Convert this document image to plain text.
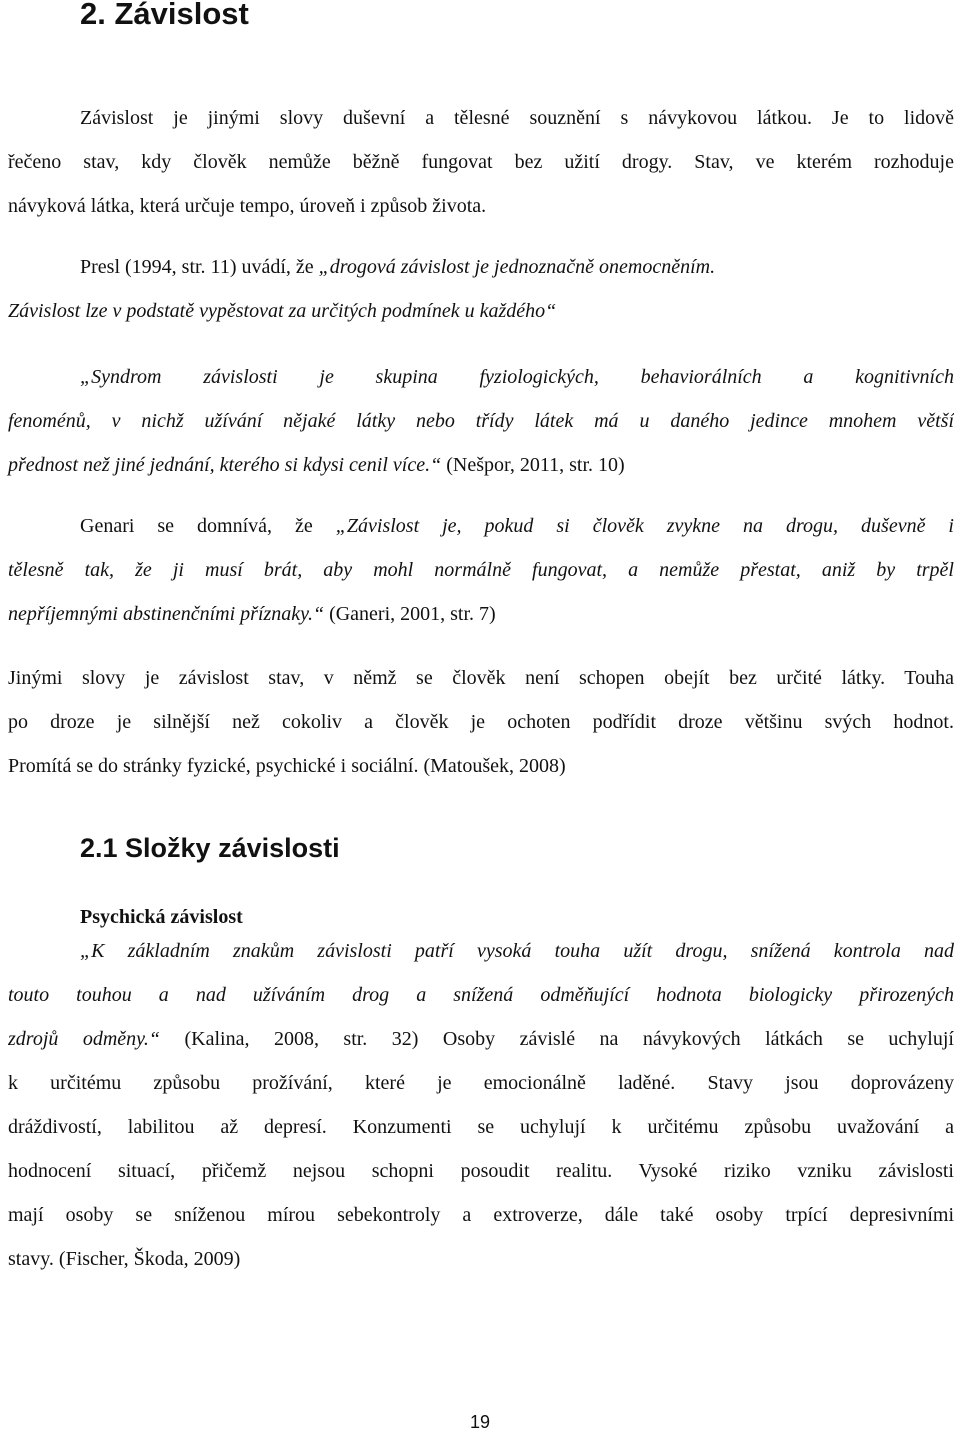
2. Závislost
Závislost je jinými slovy duševní a tělesné souznění s návykovou látkou. Je to lidově
řečeno stav, kdy člověk nemůže běžně fungovat bez užití drogy. Stav, ve kterém rozhoduje
návyková látka, která určuje tempo, úroveň i způsob života.
Presl (1994, str. 11) uvádí, že „drogová závislost je jednoznačně onemocněním.
Závislost lze v podstatě vypěstovat za určitých podmínek u každého“
„Syndrom závislosti je skupina fyziologických, behaviorálních a kognitivních
fenoménů, v nichž užívání nějaké látky nebo třídy látek má u daného jedince mnohem větší
přednost než jiné jednání, kterého si kdysi cenil více.“ (Nešpor, 2011, str. 10)
Genari se domnívá, že „Závislost je, pokud si člověk zvykne na drogu, duševně i
tělesně tak, že ji musí brát, aby mohl normálně fungovat, a nemůže přestat, aniž by trpěl
nepříjemnými abstinenčními příznaky.“ (Ganeri, 2001, str. 7)
Jinými slovy je závislost stav, v němž se člověk není schopen obejít bez určité látky. Touha
po droze je silnější než cokoliv a člověk je ochoten podřídit droze většinu svých hodnot.
Promítá se do stránky fyzické, psychické i sociální. (Matoušek, 2008)
2.1 Složky závislosti
Psychická závislost
„K základním znakům závislosti patří vysoká touha užít drogu, snížená kontrola nad
touto touhou a nad užíváním drog a snížená odměňující hodnota biologicky přirozených
zdrojů odměny.“ (Kalina, 2008, str. 32) Osoby závislé na návykových látkách se uchylují
k určitému způsobu prožívání, které je emocionálně laděné. Stavy jsou doprovázeny
dráždivostí, labilitou až depresí. Konzumenti se uchylují k určitému způsobu uvažování a
hodnocení situací, přičemž nejsou schopni posoudit realitu. Vysoké riziko vzniku závislosti
mají osoby se sníženou mírou sebekontroly a extroverze, dále také osoby trpící depresivními
stavy. (Fischer, Škoda, 2009)
19
